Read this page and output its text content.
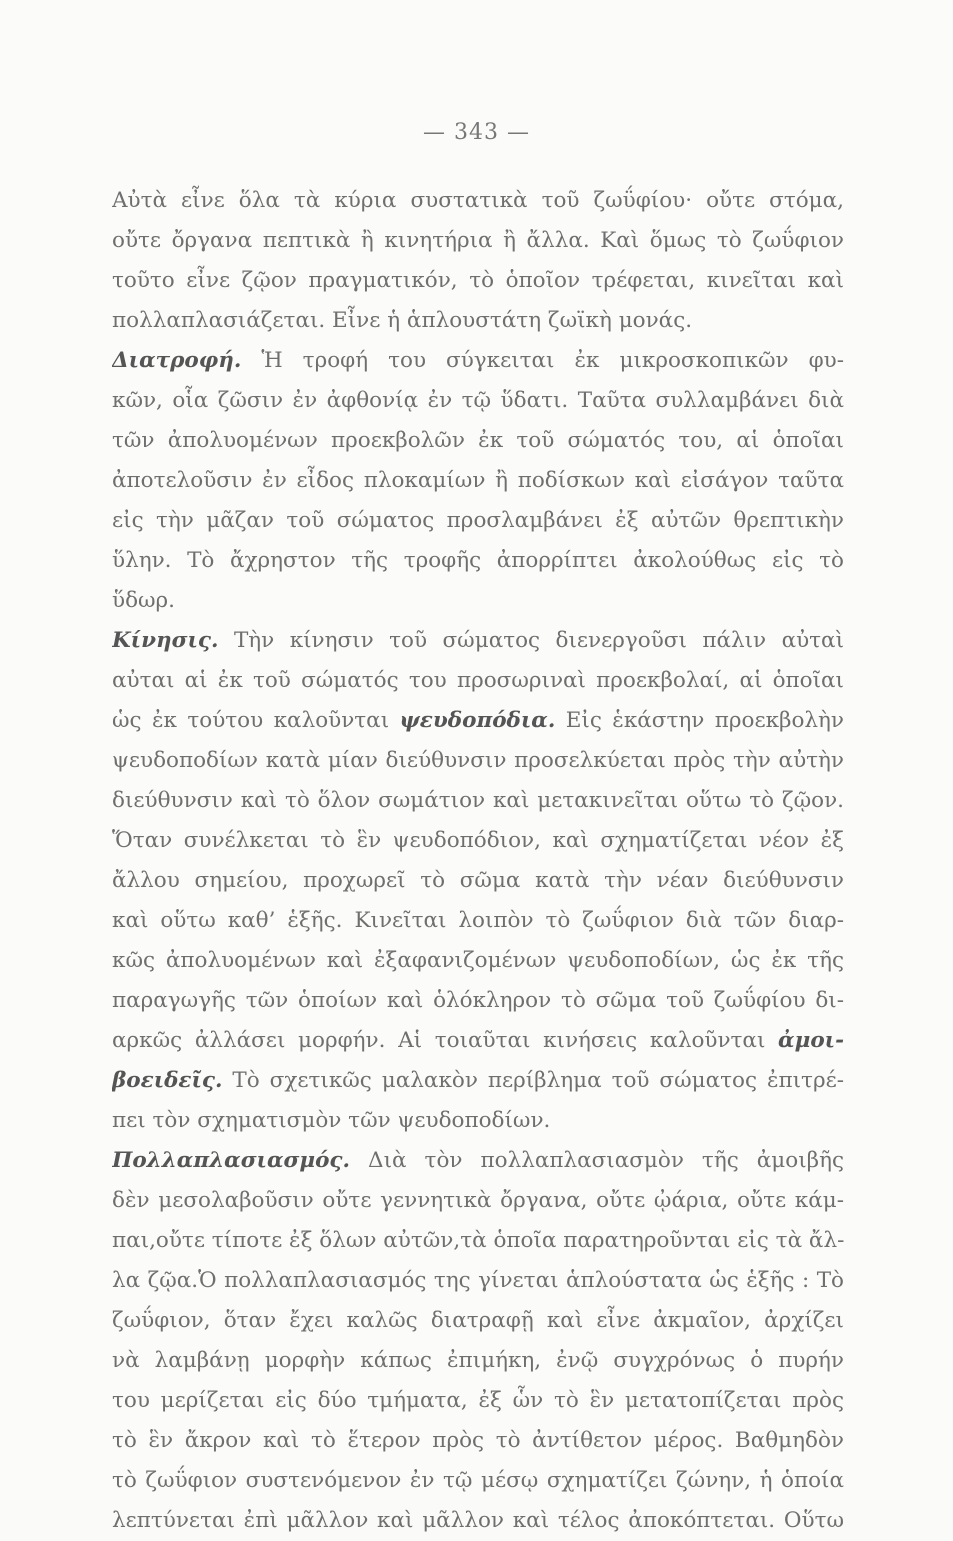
— 343 —
Αὐτὰ εἶνε ὅλα τὰ κύρια συστατικὰ τοῦ ζωΰφίου· οὔτε στόμα,
οὔτε ὄργανα πεπτικὰ ἢ κινητήρια ἢ ἄλλα. Καὶ ὅμως τὸ ζωΰφιον
τοῦτο εἶνε ζῷον πραγματικόν, τὸ ὁποῖον τρέφεται, κινεῖται καὶ
πολλαπλασιάζεται. Εἶνε ἡ ἁπλουστάτη ζωϊκὴ μονάς.
Διατροφή. Ἡ τροφή του σύγκειται ἐκ μικροσκοπικῶν φυ-
κῶν, οἷα ζῶσιν ἐν ἀφθονίᾳ ἐν τῷ ὕδατι. Ταῦτα συλλαμβάνει διὰ
τῶν ἀπολυομένων προεκβολῶν ἐκ τοῦ σώματός του, αἱ ὁποῖαι
ἀποτελοῦσιν ἐν εἶδος πλοκαμίων ἢ ποδίσκων καὶ εἰσάγον ταῦτα
εἰς τὴν μᾶζαν τοῦ σώματος προσλαμβάνει ἐξ αὐτῶν θρεπτικὴν
ὕλην. Τὸ ἄχρηστον τῆς τροφῆς ἀπορρίπτει ἀκολούθως εἰς τὸ
ὕδωρ.
Κίνησις. Τὴν κίνησιν τοῦ σώματος διενεργοῦσι πάλιν αὐταὶ
αὐται αἱ ἐκ τοῦ σώματός του προσωριναὶ προεκβολαί, αἱ ὁποῖαι
ὡς ἐκ τούτου καλοῦνται ψευδοπόδια. Εἰς ἑκάστην προεκβολὴν
ψευδοποδίων κατὰ μίαν διεύθυνσιν προσελκύεται πρὸς τὴν αὐτὴν
διεύθυνσιν καὶ τὸ ὅλον σωμάτιον καὶ μετακινεῖται οὕτω τὸ ζῷον.
Ὅταν συνέλκεται τὸ ἓν ψευδοπόδιον, καὶ σχηματίζεται νέον ἐξ
ἄλλου σημείου, προχωρεῖ τὸ σῶμα κατὰ τὴν νέαν διεύθυνσιν
καὶ οὕτω καθ’ ἑξῆς. Κινεῖται λοιπὸν τὸ ζωΰφιον διὰ τῶν διαρ-
κῶς ἀπολυομένων καὶ ἐξαφανιζομένων ψευδοποδίων, ὡς ἐκ τῆς
παραγωγῆς τῶν ὁποίων καὶ ὁλόκληρον τὸ σῶμα τοῦ ζωΰφίου δι-
αρκῶς ἀλλάσει μορφήν. Αἱ τοιαῦται κινήσεις καλοῦνται ἀμοι-
βοειδεῖς. Τὸ σχετικῶς μαλακὸν περίβλημα τοῦ σώματος ἐπιτρέ-
πει τὸν σχηματισμὸν τῶν ψευδοποδίων.
Πολλαπλασιασμός. Διὰ τὸν πολλαπλασιασμὸν τῆς ἀμοιβῆς
δὲν μεσολαβοῦσιν οὔτε γεννητικὰ ὄργανα, οὔτε ᾠάρια, οὔτε κάμ-
παι,οὔτε τίποτε ἐξ ὅλων αὐτῶν,τὰ ὁποῖα παρατηροῦνται εἰς τὰ ἄλ-
λα ζῷα.Ὁ πολλαπλασιασμός της γίνεται ἁπλούστατα ὡς ἑξῆς : Τὸ
ζωΰφιον, ὅταν ἔχει καλῶς διατραφῇ καὶ εἶνε ἀκμαῖον, ἀρχίζει
νὰ λαμβάνῃ μορφὴν κάπως ἐπιμήκη, ἐνῷ συγχρόνως ὁ πυρήν
του μερίζεται εἰς δύο τμήματα, ἐξ ὧν τὸ ἓν μετατοπίζεται πρὸς
τὸ ἓν ἄκρον καὶ τὸ ἕτερον πρὸς τὸ ἀντίθετον μέρος. Βαθμηδὸν
τὸ ζωΰφιον συστενόμενον ἐν τῷ μέσῳ σχηματίζει ζώνην, ἡ ὁποία
λεπτύνεται ἐπὶ μᾶλλον καὶ μᾶλλον καὶ τέλος ἀποκόπτεται. Οὕτω
